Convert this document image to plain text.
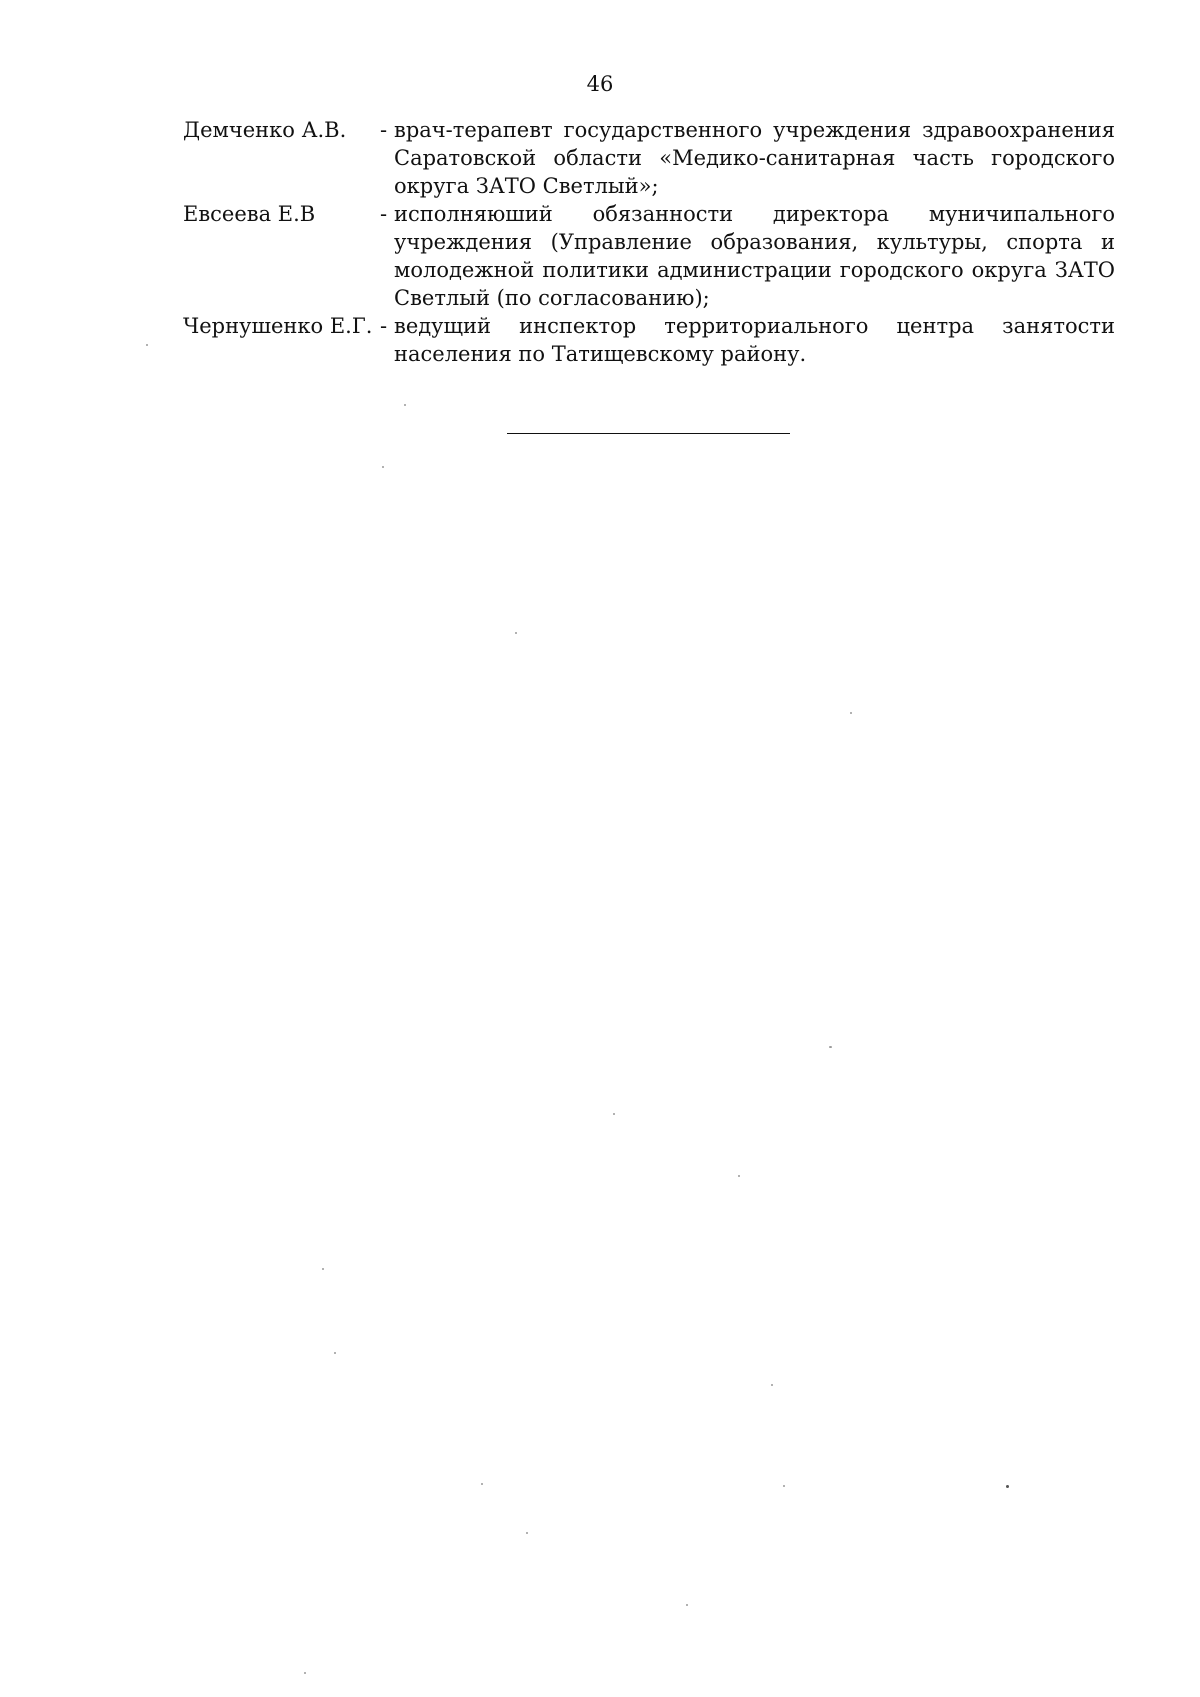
46
Демченко А.В.	- врач-терапевт государственного учреждения здравоохранения Саратовской области «Медико-санитарная часть городского округа ЗАТО Светлый»;
Евсеева Е.В	- исполняюший обязанности директора муничипального учреждения (Управление образования, культуры, спорта и молодежной политики администрации городского округа ЗАТО Светлый (по согласованию);
Чернушенко Е.Г. - ведущий инспектор территориального центра занятости населения по Татищевскому району.
